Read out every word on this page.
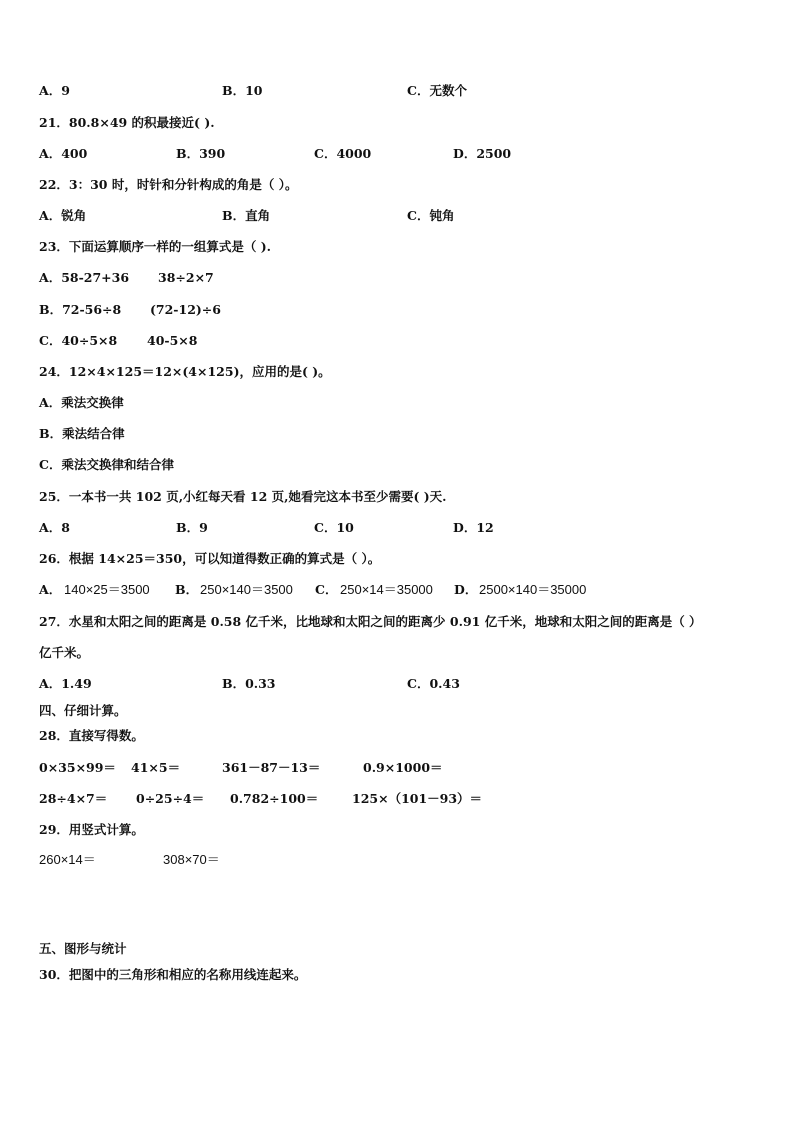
A．9	B．10	C．无数个
21．80.8×49 的积最接近( ).
A．400	B．390	C．4000	D．2500
22．3：30 时，时针和分针构成的角是（ ）。
A．锐角	B．直角	C．钝角
23．下面运算顺序一样的一组算式是（ ).
A．58-27+36 38÷2×7
B．72-56÷8 (72-12)÷6
C．40÷5×8 40-5×8
24．12×4×125＝12×(4×125)，应用的是( )。
A．乘法交换律
B．乘法结合律
C．乘法交换律和结合律
25．一本书一共 102 页,小红每天看 12 页,她看完这本书至少需要( )天.
A．8	B．9	C．10	D．12
26．根据 14×25＝350，可以知道得数正确的算式是（ ）。
A． 140×25＝3500 B． 250×140＝3500 C． 250×14＝35000 D． 2500×140＝35000
27．水星和太阳之间的距离是 0.58 亿千米，比地球和太阳之间的距离少 0.91 亿千米，地球和太阳之间的距离是（ ）
亿千米。
A．1.49	B．0.33	C．0.43
四、仔细计算。
28．直接写得数。
0×35×99＝ 41×5＝	361－87－13＝	0.9×1000＝
28÷4×7＝ 0÷25÷4＝ 0.782÷100＝	125×（101－93）＝
29．用竖式计算。
260×14＝	308×70＝
五、图形与统计
30．把图中的三角形和相应的名称用线连起来。
